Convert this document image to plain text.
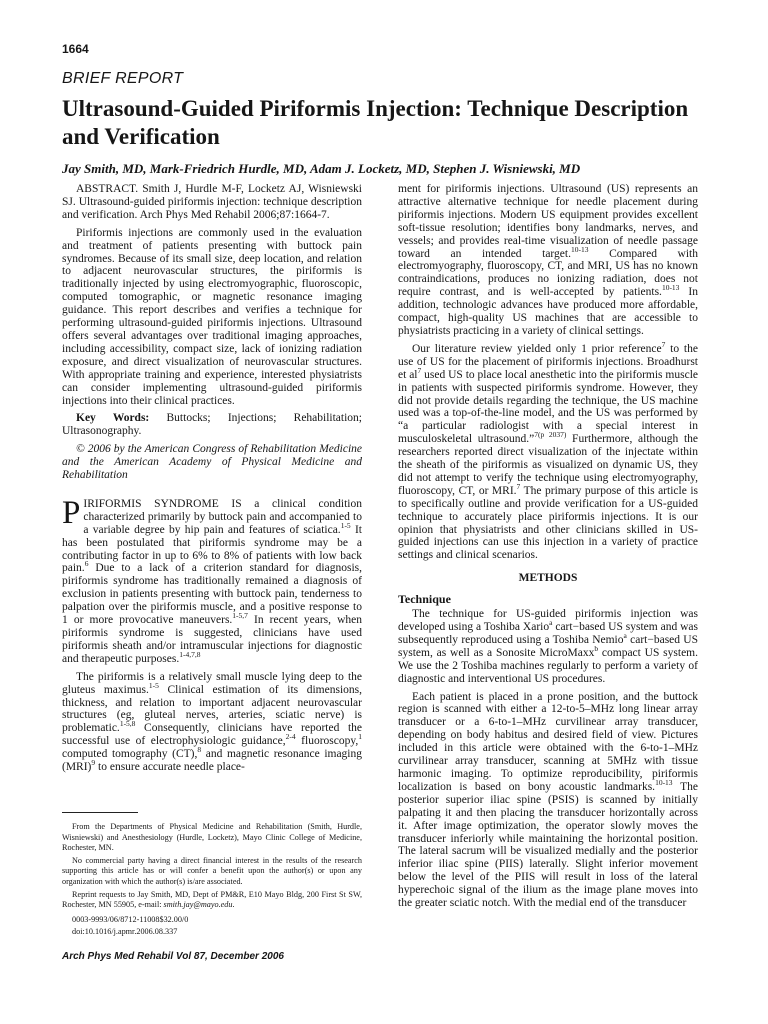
1664
BRIEF REPORT
Ultrasound-Guided Piriformis Injection: Technique Description and Verification
Jay Smith, MD, Mark-Friedrich Hurdle, MD, Adam J. Locketz, MD, Stephen J. Wisniewski, MD

ABSTRACT. Smith J, Hurdle M-F, Locketz AJ, Wisniewski SJ. Ultrasound-guided piriformis injection: technique description and verification. Arch Phys Med Rehabil 2006;87:1664-7.

Piriformis injections are commonly used in the evaluation and treatment of patients presenting with buttock pain syndromes. Because of its small size, deep location, and relation to adjacent neurovascular structures, the piriformis is traditionally injected by using electromyographic, fluoroscopic, computed tomographic, or magnetic resonance imaging guidance. This report describes and verifies a technique for performing ultrasound-guided piriformis injections. Ultrasound offers several advantages over traditional imaging approaches, including accessibility, compact size, lack of ionizing radiation exposure, and direct visualization of neurovascular structures. With appropriate training and experience, interested physiatrists can consider implementing ultrasound-guided piriformis injections into their clinical practices.

Key Words: Buttocks; Injections; Rehabilitation; Ultrasonography.

© 2006 by the American Congress of Rehabilitation Medicine and the American Academy of Physical Medicine and Rehabilitation

PIRIFORMIS SYNDROME IS a clinical condition characterized primarily by buttock pain and accompanied to a variable degree by hip pain and features of sciatica.$^{1-5}$ It has been postulated that piriformis syndrome may be a contributing factor in up to 6% to 8% of patients with low back pain.$^6$ Due to a lack of a criterion standard for diagnosis, piriformis syndrome has traditionally remained a diagnosis of exclusion in patients presenting with buttock pain, tenderness to palpation over the piriformis muscle, and a positive response to 1 or more provocative maneuvers.$^{1-5,7}$ In recent years, when piriformis syndrome is suggested, clinicians have used piriformis sheath and/or intramuscular injections for diagnostic and therapeutic purposes.$^{1-4,7,8}$

The piriformis is a relatively small muscle lying deep to the gluteus maximus.$^{1-5}$ Clinical estimation of its dimensions, thickness, and relation to important adjacent neurovascular structures (eg, gluteal nerves, arteries, sciatic nerve) is problematic.$^{1-5,8}$ Consequently, clinicians have reported the successful use of electrophysiologic guidance,$^{2-4}$ fluoroscopy,$^1$ computed tomography (CT),$^8$ and magnetic resonance imaging (MRI)$^9$ to ensure accurate needle place-

ment for piriformis injections. Ultrasound (US) represents an attractive alternative technique for needle placement during piriformis injections. Modern US equipment provides excellent soft-tissue resolution; identifies bony landmarks, nerves, and vessels; and provides real-time visualization of needle passage toward an intended target.$^{10-13}$ Compared with electromyography, fluoroscopy, CT, and MRI, US has no known contraindications, produces no ionizing radiation, does not require contrast, and is well-accepted by patients.$^{10-13}$ In addition, technologic advances have produced more affordable, compact, high-quality US machines that are accessible to physiatrists practicing in a variety of clinical settings.

Our literature review yielded only 1 prior reference$^7$ to the use of US for the placement of piriformis injections. Broadhurst et $al^7$ used US to place local anesthetic into the piriformis muscle in patients with suspected piriformis syndrome. However, they did not provide details regarding the technique, the US machine used was a top-of-the-line model, and the US was performed by “a particular radiologist with a special interest in musculoskeletal ultrasound.”$^{7(p 2037)}$ Furthermore, although the researchers reported direct visualization of the injectate within the sheath of the piriformis as visualized on dynamic US, they did not attempt to verify the technique using electromyography, fluoroscopy, CT, or MRI.$^7$ The primary purpose of this article is to specifically outline and provide verification for a US-guided technique to accurately place piriformis injections. It is our opinion that physiatrists and other clinicians skilled in US-guided injections can use this injection in a variety of practice settings and clinical scenarios.

METHODS
Technique

The technique for US-guided piriformis injection was developed using a Toshiba Xario$^a$ cart−based US system and was subsequently reproduced using a Toshiba Nemio$^a$ cart−based US system, as well as a Sonosite MicroMaxx$^b$ compact US system. We use the 2 Toshiba machines regularly to perform a variety of diagnostic and interventional US procedures.

Each patient is placed in a prone position, and the buttock region is scanned with either a 12-to-5–MHz long linear array transducer or a 6-to-1–MHz curvilinear array transducer, depending on body habitus and desired field of view. Pictures included in this article were obtained with the 6-to-1–MHz curvilinear array transducer, scanning at 5MHz with tissue harmonic imaging. To optimize reproducibility, piriformis localization is based on bony acoustic landmarks.$^{10-13}$ The posterior superior iliac spine (PSIS) is scanned by initially palpating it and then placing the transducer horizontally across it. After image optimization, the operator slowly moves the transducer inferiorly while maintaining the horizontal position. The lateral sacrum will be visualized medially and the posterior inferior iliac spine (PIIS) laterally. Slight inferior movement below the level of the PIIS will result in loss of the lateral hyperechoic signal of the ilium as the image plane moves into the greater sciatic notch. With the medial end of the transducer

From the Departments of Physical Medicine and Rehabilitation (Smith, Hurdle, Wisniewski) and Anesthesiology (Hurdle, Locketz), Mayo Clinic College of Medicine, Rochester, MN.

No commercial party having a direct financial interest in the results of the research supporting this article has or will confer a benefit upon the author(s) or upon any organization with which the author(s) is/are associated.

Reprint requests to Jay Smith, MD, Dept of PM&R, E10 Mayo Bldg, 200 First St SW, Rochester, MN 55905, e-mail: smith.jay@mayo.edu.

0003-9993/06/8712-11008$32.00/0

doi:10.1016/j.apmr.2006.08.337

Arch Phys Med Rehabil Vol 87, December 2006
